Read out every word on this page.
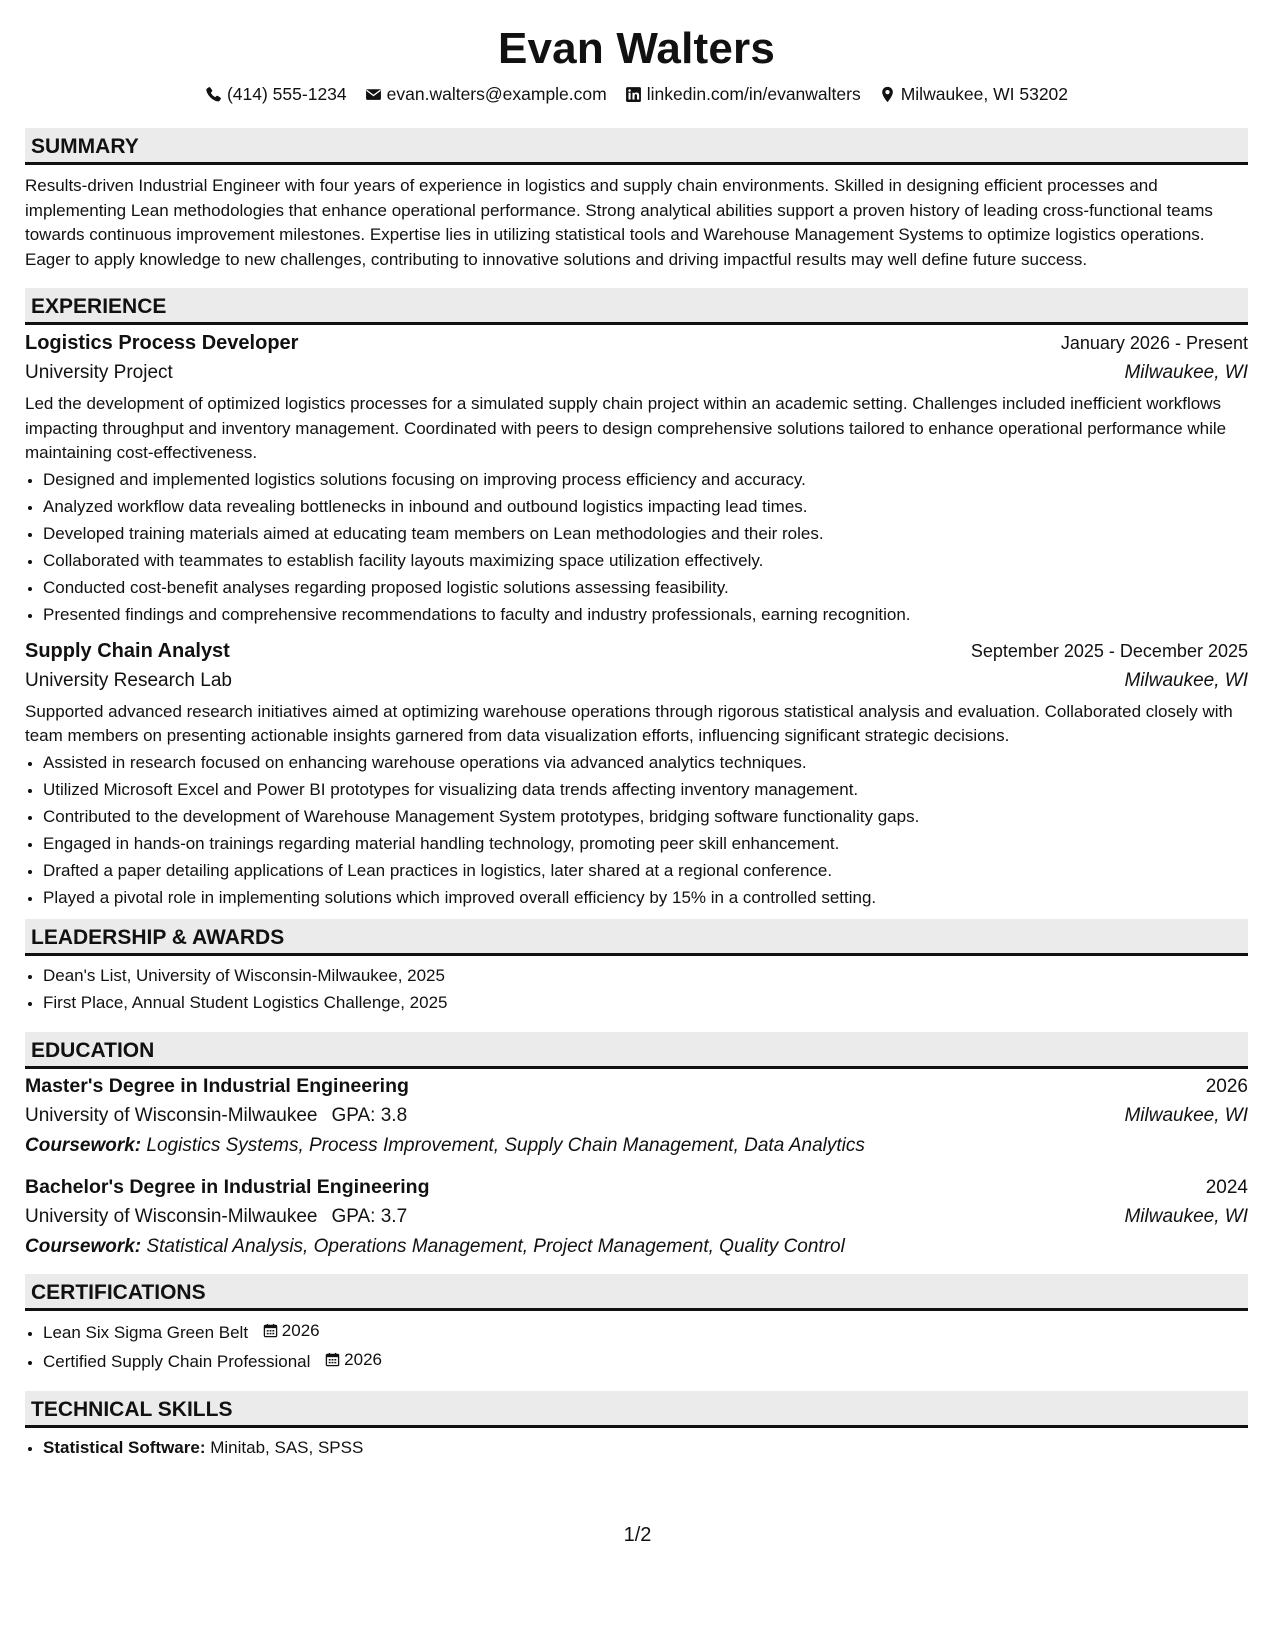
Evan Walters
(414) 555-1234 evan.walters@example.com linkedin.com/in/evanwalters Milwaukee, WI 53202
SUMMARY

Results-driven Industrial Engineer with four years of experience in logistics and supply chain environments. Skilled in designing efficient processes and implementing Lean methodologies that enhance operational performance. Strong analytical abilities support a proven history of leading cross-functional teams towards continuous improvement milestones. Expertise lies in utilizing statistical tools and Warehouse Management Systems to optimize logistics operations. Eager to apply knowledge to new challenges, contributing to innovative solutions and driving impactful results may well define future success.

EXPERIENCE
Logistics Process Developer	January 2026 - Present
University Project	Milwaukee, WI

Led the development of optimized logistics processes for a simulated supply chain project within an academic setting. Challenges included inefficient workflows impacting throughput and inventory management. Coordinated with peers to design comprehensive solutions tailored to enhance operational performance while maintaining cost-effectiveness.

• Designed and implemented logistics solutions focusing on improving process efficiency and accuracy.
• Analyzed workflow data revealing bottlenecks in inbound and outbound logistics impacting lead times.
• Developed training materials aimed at educating team members on Lean methodologies and their roles.
• Collaborated with teammates to establish facility layouts maximizing space utilization effectively.
• Conducted cost-benefit analyses regarding proposed logistic solutions assessing feasibility.
• Presented findings and comprehensive recommendations to faculty and industry professionals, earning recognition.
Supply Chain Analyst	September 2025 - December 2025
University Research Lab	Milwaukee, WI

Supported advanced research initiatives aimed at optimizing warehouse operations through rigorous statistical analysis and evaluation. Collaborated closely with team members on presenting actionable insights garnered from data visualization efforts, influencing significant strategic decisions.

• Assisted in research focused on enhancing warehouse operations via advanced analytics techniques.
• Utilized Microsoft Excel and Power BI prototypes for visualizing data trends affecting inventory management.
• Contributed to the development of Warehouse Management System prototypes, bridging software functionality gaps.
• Engaged in hands-on trainings regarding material handling technology, promoting peer skill enhancement.
• Drafted a paper detailing applications of Lean practices in logistics, later shared at a regional conference.
• Played a pivotal role in implementing solutions which improved overall efficiency by 15% in a controlled setting.
LEADERSHIP & AWARDS
• Dean's List, University of Wisconsin-Milwaukee, 2025
• First Place, Annual Student Logistics Challenge, 2025
EDUCATION
Master's Degree in Industrial Engineering	2026
University of Wisconsin-Milwaukee GPA: 3.8	Milwaukee, WI
Coursework: Logistics Systems, Process Improvement, Supply Chain Management, Data Analytics
Bachelor's Degree in Industrial Engineering	2024
University of Wisconsin-Milwaukee GPA: 3.7	Milwaukee, WI
Coursework: Statistical Analysis, Operations Management, Project Management, Quality Control
CERTIFICATIONS
• Lean Six Sigma Green Belt 2026
• Certified Supply Chain Professional 2026
TECHNICAL SKILLS
• Statistical Software: Minitab, SAS, SPSS
1/2
